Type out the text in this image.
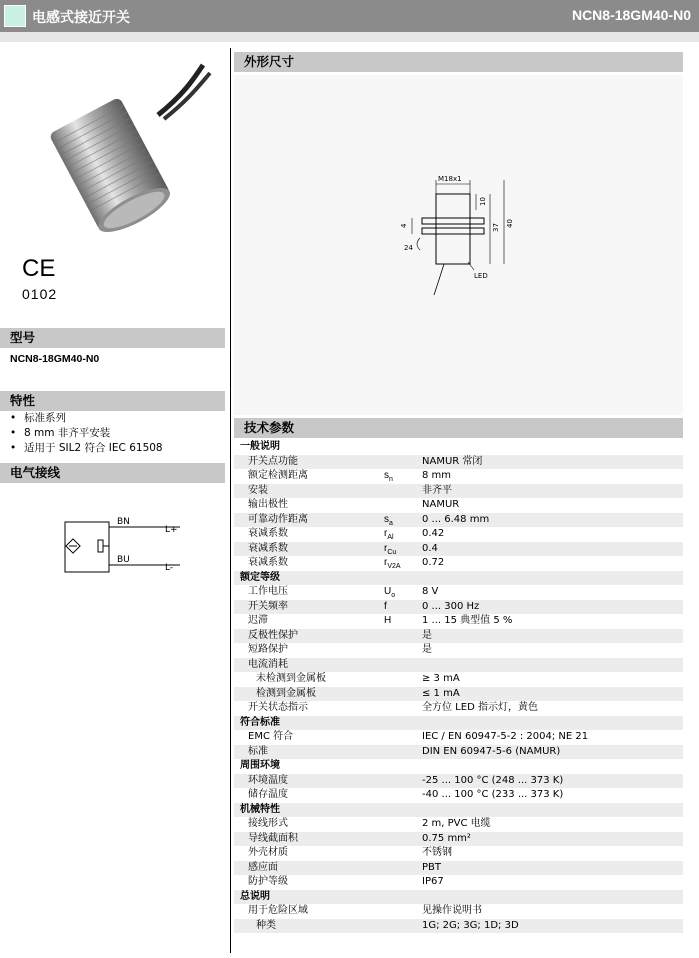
电感式接近开关	NCN8-18GM40-N0
CE
0102
型号
NCN8-18GM40-N0
特性
• 标准系列
• 8 mm 非齐平安装
• 适用于 SIL2 符合 IEC 61508
电气接线
BN
BU
L+
L-
外形尺寸
M18x1
10
37 40
4
24
LED
技术参数
一般说明
开关点功能	NAMUR 常闭
额定检测距离	$s_n$	8 mm
安装	非齐平
输出极性	NAMUR
可靠动作距离	$s_a$	0 ... 6.48 mm
衰减系数	$r_{Al}$	0.42
衰减系数	$r_{Cu}$	0.4
衰减系数	$r_{V2A}$ 0.72
额定等级
工作电压	$U_o$	8 V
开关频率	f	0 ... 300 Hz
迟滞	H	1 ... 15 典型值 5 %
反极性保护	是
短路保护	是
电流消耗
未检测到金属板	≥ 3 mA
检测到金属板	≤ 1 mA
开关状态指示	全方位 LED 指示灯，黄色
符合标准
EMC 符合	IEC / EN 60947-5-2 : 2004; NE 21
标准	DIN EN 60947-5-6 (NAMUR)
周围环境
环境温度	-25 ... 100 °C (248 ... 373 K)
储存温度	-40 ... 100 °C (233 ... 373 K)
机械特性
接线形式	2 m, PVC 电缆
导线截面积	0.75 mm²
外壳材质	不锈钢
感应面	PBT
防护等级	IP67
总说明
用于危险区域	见操作说明书
种类	1G; 2G; 3G; 1D; 3D
